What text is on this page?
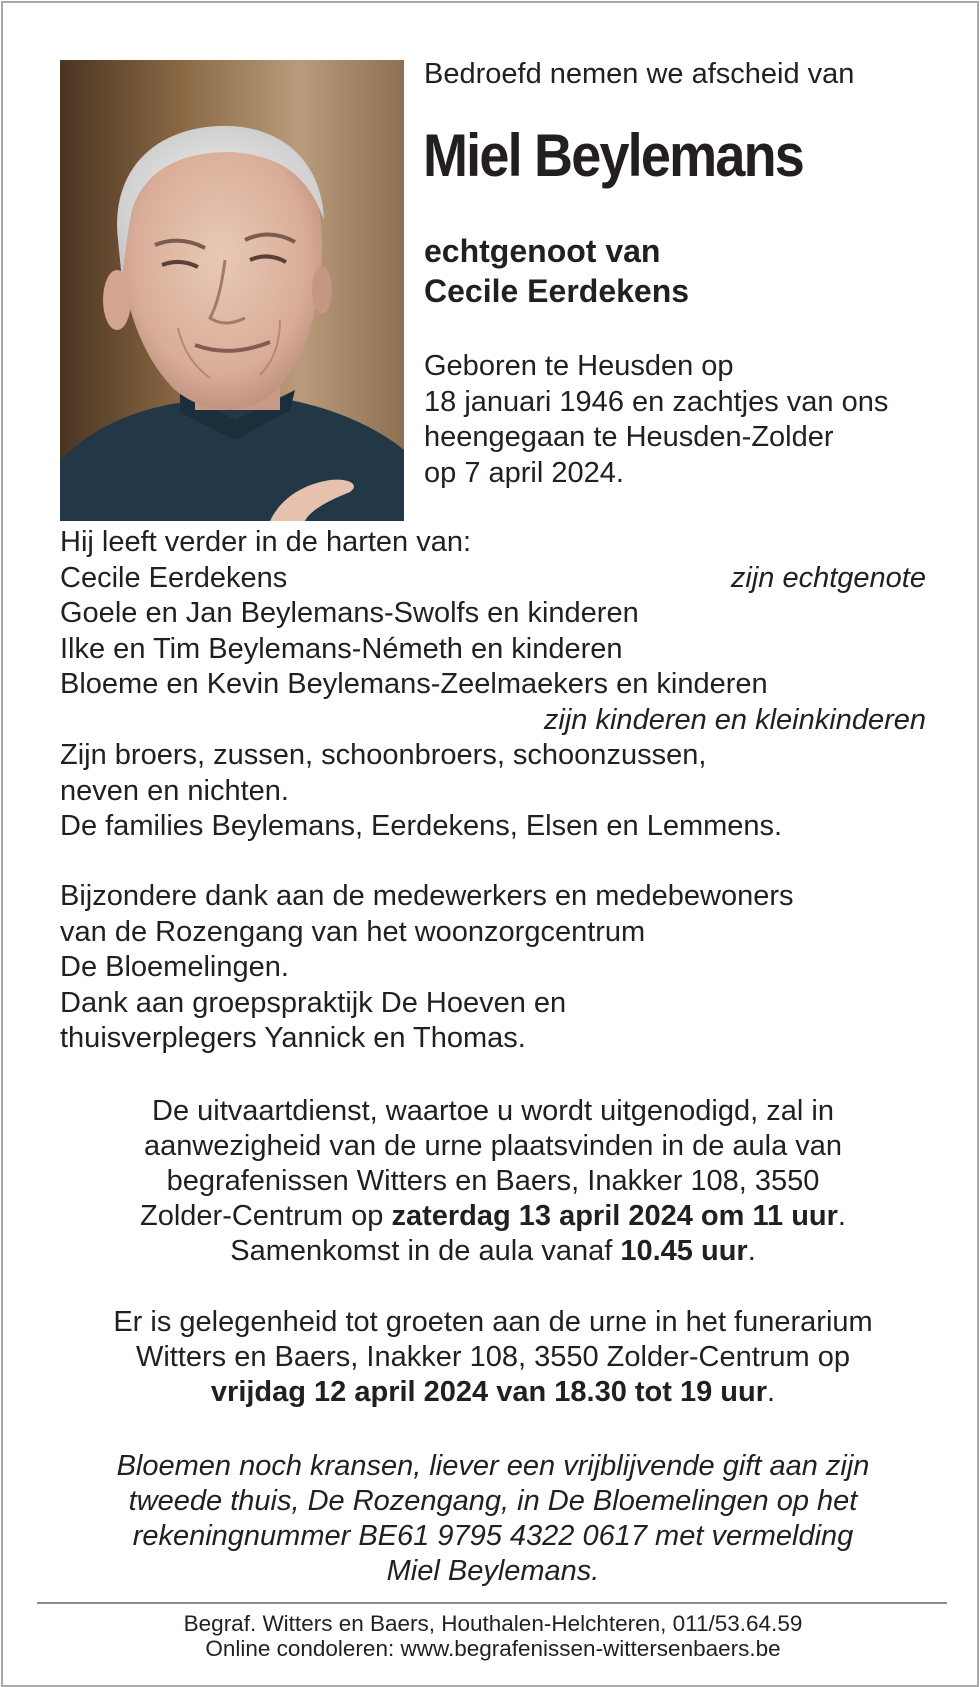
Bedroefd nemen we afscheid van
Miel Beylemans
echtgenoot van
Cecile Eerdekens
Geboren te Heusden op
18 januari 1946 en zachtjes van ons
heengegaan te Heusden-Zolder
op 7 april 2024.
Hij leeft verder in de harten van:
Cecile Eerdekens	zijn echtgenote
Goele en Jan Beylemans-Swolfs en kinderen
Ilke en Tim Beylemans-Németh en kinderen
Bloeme en Kevin Beylemans-Zeelmaekers en kinderen
zijn kinderen en kleinkinderen
Zijn broers, zussen, schoonbroers, schoonzussen,
neven en nichten.
De families Beylemans, Eerdekens, Elsen en Lemmens.
Bijzondere dank aan de medewerkers en medebewoners
van de Rozengang van het woonzorgcentrum
De Bloemelingen.
Dank aan groepspraktijk De Hoeven en
thuisverplegers Yannick en Thomas.
De uitvaartdienst, waartoe u wordt uitgenodigd, zal in
aanwezigheid van de urne plaatsvinden in de aula van
begrafenissen Witters en Baers, Inakker 108, 3550
Zolder-Centrum op zaterdag 13 april 2024 om 11 uur.
Samenkomst in de aula vanaf 10.45 uur.
Er is gelegenheid tot groeten aan de urne in het funerarium
Witters en Baers, Inakker 108, 3550 Zolder-Centrum op
vrijdag 12 april 2024 van 18.30 tot 19 uur.
Bloemen noch kransen, liever een vrijblijvende gift aan zijn
tweede thuis, De Rozengang, in De Bloemelingen op het
rekeningnummer BE61 9795 4322 0617 met vermelding
Miel Beylemans.
Begraf. Witters en Baers, Houthalen-Helchteren, 011/53.64.59
Online condoleren: www.begrafenissen-wittersenbaers.be
